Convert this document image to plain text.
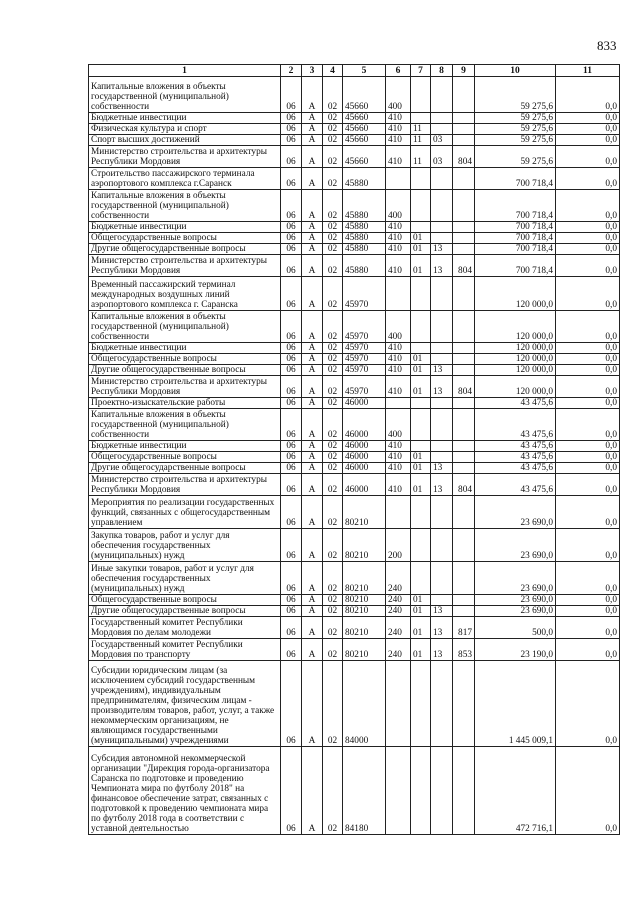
833
1	2	3	4	5	6	7	8	9	10	11
Капитальные вложения в объекты государственной (муниципальной) собственности	06	А	02	45660	400				59 275,6	0,0
Бюджетные инвестиции	06	А	02	45660	410				59 275,6	0,0
Физическая культура и спорт	06	А	02	45660	410	11			59 275,6	0,0
Спорт высших достижений	06	А	02	45660	410	11	03		59 275,6	0,0
Министерство строительства и архитектуры Республики Мордовия	06	А	02	45660	410	11	03	804	59 275,6	0,0
Строительство пассажирского терминала аэропортового комплекса г.Саранск	06	А	02	45880					700 718,4	0,0
Капитальные вложения в объекты государственной (муниципальной) собственности	06	А	02	45880	400				700 718,4	0,0
Бюджетные инвестиции	06	А	02	45880	410				700 718,4	0,0
Общегосударственные вопросы	06	А	02	45880	410	01			700 718,4	0,0
Другие общегосударственные вопросы	06	А	02	45880	410	01	13		700 718,4	0,0
Министерство строительства и архитектуры Республики Мордовия	06	А	02	45880	410	01	13	804	700 718,4	0,0
Временный пассажирский терминал международных воздушных линий аэропортового комплекса г. Саранска	06	А	02	45970					120 000,0	0,0
Капитальные вложения в объекты государственной (муниципальной) собственности	06	А	02	45970	400				120 000,0	0,0
Бюджетные инвестиции	06	А	02	45970	410				120 000,0	0,0
Общегосударственные вопросы	06	А	02	45970	410	01			120 000,0	0,0
Другие общегосударственные вопросы	06	А	02	45970	410	01	13		120 000,0	0,0
Министерство строительства и архитектуры Республики Мордовия	06	А	02	45970	410	01	13	804	120 000,0	0,0
Проектно-изыскательские работы	06	А	02	46000					43 475,6	0,0
Капитальные вложения в объекты государственной (муниципальной) собственности	06	А	02	46000	400				43 475,6	0,0
Бюджетные инвестиции	06	А	02	46000	410				43 475,6	0,0
Общегосударственные вопросы	06	А	02	46000	410	01			43 475,6	0,0
Другие общегосударственные вопросы	06	А	02	46000	410	01	13		43 475,6	0,0
Министерство строительства и архитектуры Республики Мордовия	06	А	02	46000	410	01	13	804	43 475,6	0,0
Мероприятия по реализации государственных функций, связанных с общегосударственным управлением	06	А	02	80210					23 690,0	0,0
Закупка товаров, работ и услуг для обеспечения государственных (муниципальных) нужд	06	А	02	80210	200				23 690,0	0,0
Иные закупки товаров, работ и услуг для обеспечения государственных (муниципальных) нужд	06	А	02	80210	240				23 690,0	0,0
Общегосударственные вопросы	06	А	02	80210	240	01			23 690,0	0,0
Другие общегосударственные вопросы	06	А	02	80210	240	01	13		23 690,0	0,0
Государственный комитет Республики Мордовия по делам молодежи	06	А	02	80210	240	01	13	817	500,0	0,0
Государственный комитет Республики Мордовия по транспорту	06	А	02	80210	240	01	13	853	23 190,0	0,0
Субсидии юридическим лицам (за исключением субсидий государственным учреждениям), индивидуальным предпринимателям, физическим лицам - производителям товаров, работ, услуг, а также некоммерческим организациям, не являющимся государственными (муниципальными) учреждениями	06	А	02	84000					1 445 009,1	0,0
Субсидия автономной некоммерческой организации "Дирекция города-организатора Саранска по подготовке и проведению Чемпионата мира по футболу 2018" на финансовое обеспечение затрат, связанных с подготовкой к проведению чемпионата мира по футболу 2018 года в соответствии с уставной деятельностью	06	А	02	84180					472 716,1	0,0
